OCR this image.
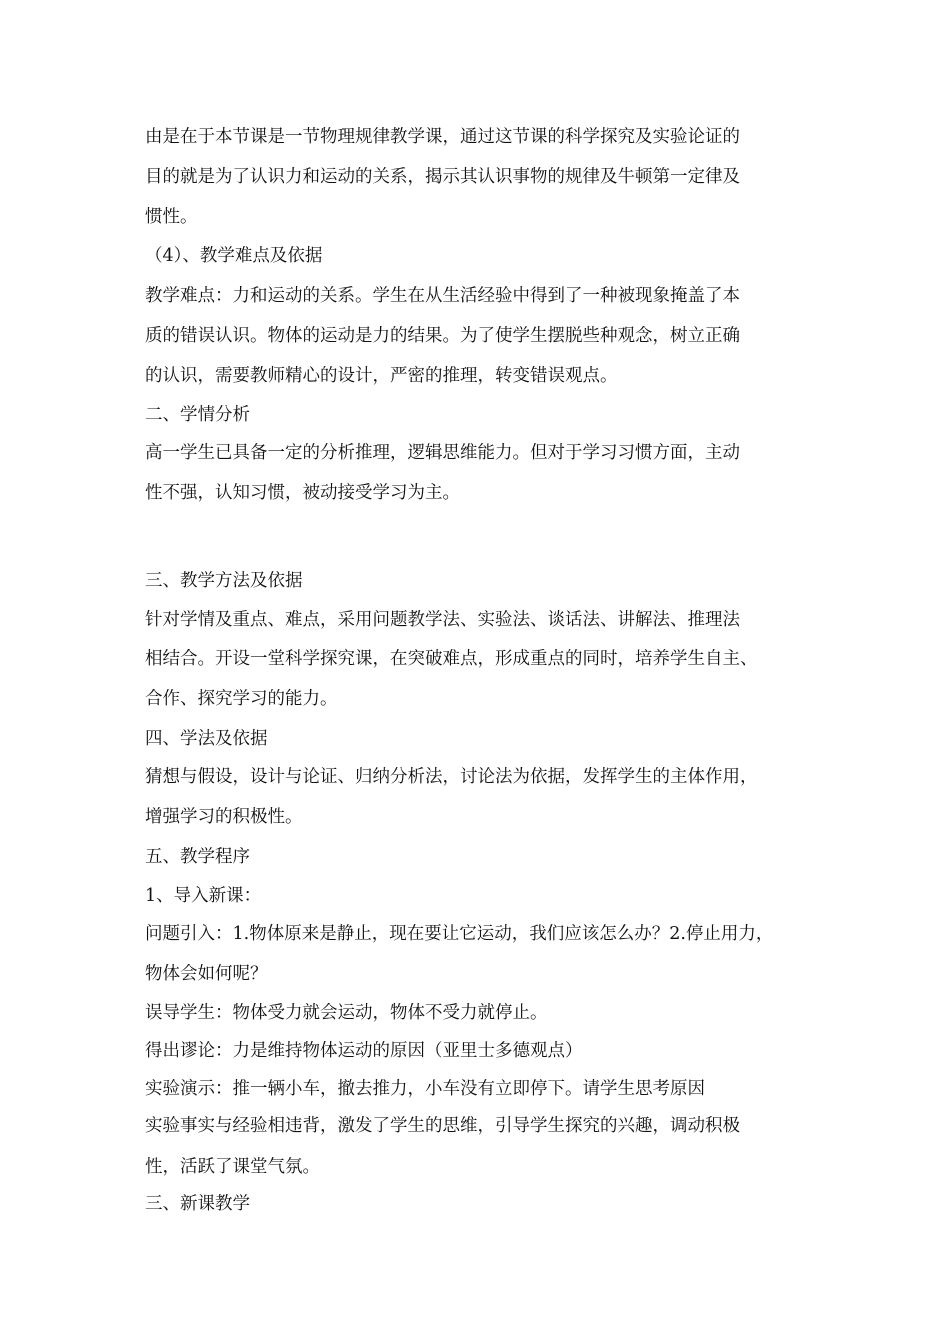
由是在于本节课是一节物理规律教学课，通过这节课的科学探究及实验论证的
目的就是为了认识力和运动的关系，揭示其认识事物的规律及牛顿第一定律及
惯性。
（4）、教学难点及依据
教学难点：力和运动的关系。学生在从生活经验中得到了一种被现象掩盖了本
质的错误认识。物体的运动是力的结果。为了使学生摆脱些种观念，树立正确
的认识，需要教师精心的设计，严密的推理，转变错误观点。
二、学情分析
高一学生已具备一定的分析推理，逻辑思维能力。但对于学习习惯方面，主动
性不强，认知习惯，被动接受学习为主。
三、教学方法及依据
针对学情及重点、难点，采用问题教学法、实验法、谈话法、讲解法、推理法
相结合。开设一堂科学探究课，在突破难点，形成重点的同时，培养学生自主、
合作、探究学习的能力。
四、学法及依据
猜想与假设，设计与论证、归纳分析法，讨论法为依据，发挥学生的主体作用，
增强学习的积极性。
五、教学程序
1、导入新课：
问题引入：1.物体原来是静止，现在要让它运动，我们应该怎么办？2.停止用力，
物体会如何呢？
误导学生：物体受力就会运动，物体不受力就停止。
得出谬论：力是维持物体运动的原因（亚里士多德观点）
实验演示：推一辆小车，撤去推力，小车没有立即停下。请学生思考原因
实验事实与经验相违背，激发了学生的思维，引导学生探究的兴趣，调动积极
性，活跃了课堂气氛。
三、新课教学
